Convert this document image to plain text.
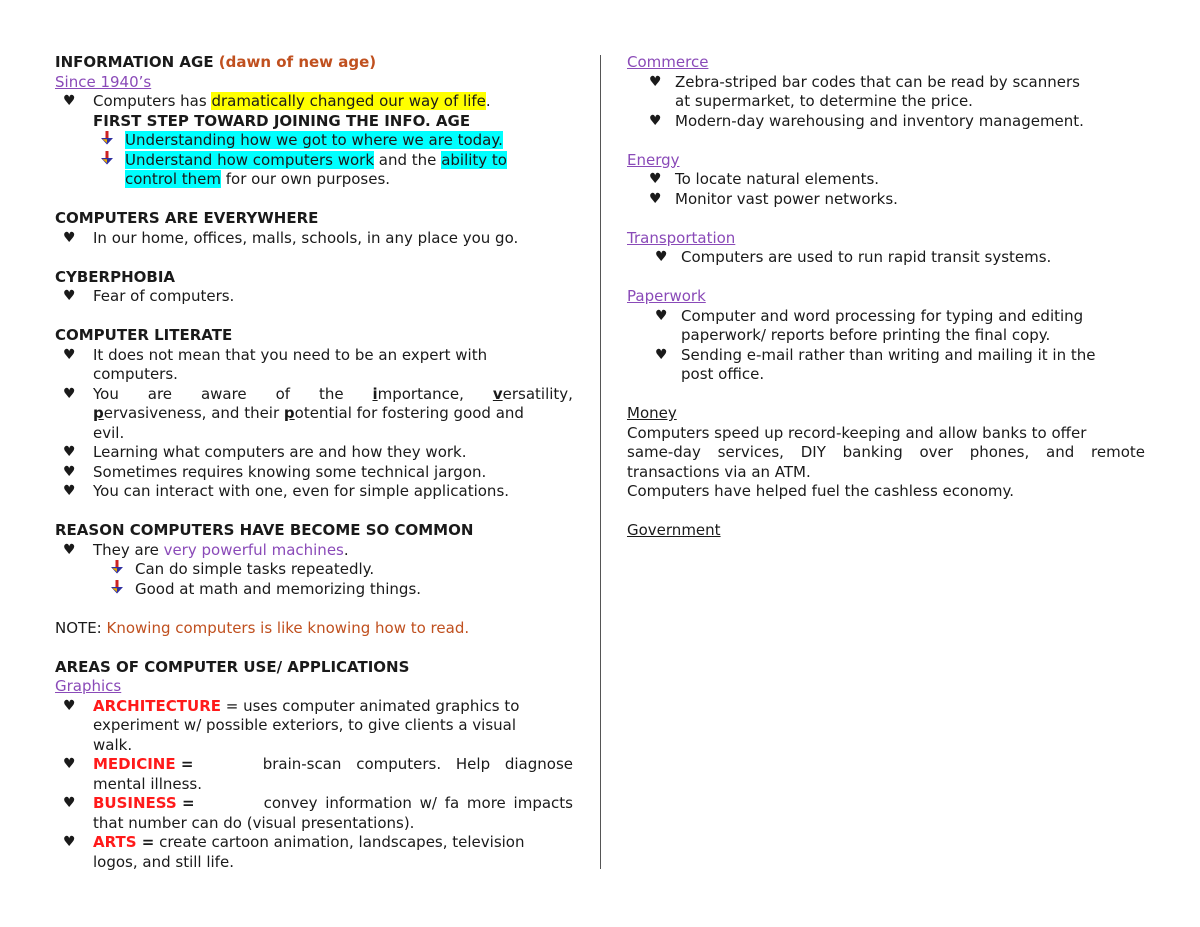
INFORMATION AGE (dawn of new age)
Since 1940’s
♥ Computers has dramatically changed our way of life.
FIRST STEP TOWARD JOINING THE INFO. AGE
Understanding how we got to where we are today.
Understand how computers work and the ability to
control them for our own purposes.
COMPUTERS ARE EVERYWHERE
♥ In our home, offices, malls, schools, in any place you go.
CYBERPHOBIA
♥ Fear of computers.
COMPUTER LITERATE
♥ It does not mean that you need to be an expert with
computers.
♥ You are aware of the importance, versatility,
pervasiveness, and their potential for fostering good and
evil.
♥ Learning what computers are and how they work.
♥ Sometimes requires knowing some technical jargon.
♥ You can interact with one, even for simple applications.
REASON COMPUTERS HAVE BECOME SO COMMON
♥ They are very powerful machines.
Can do simple tasks repeatedly.
Good at math and memorizing things.
NOTE: Knowing computers is like knowing how to read.
AREAS OF COMPUTER USE/ APPLICATIONS
Graphics
♥ ARCHITECTURE = uses computer animated graphics to
experiment w/ possible exteriors, to give clients a visual
walk.
♥ MEDICINE =	brain-scan computers. Help diagnose
mental illness.
♥ BUSINESS =	convey information w/ fa more impacts
that number can do (visual presentations).
♥ ARTS = create cartoon animation, landscapes, television
logos, and still life.
Commerce
♥ Zebra-striped bar codes that can be read by scanners
at supermarket, to determine the price.
♥ Modern-day warehousing and inventory management.
Energy
♥ To locate natural elements.
♥ Monitor vast power networks.
Transportation
♥ Computers are used to run rapid transit systems.
Paperwork
♥ Computer and word processing for typing and editing
paperwork/ reports before printing the final copy.
♥ Sending e-mail rather than writing and mailing it in the
post office.
Money
Computers speed up record-keeping and allow banks to offer
same-day services, DIY banking over phones, and remote
transactions via an ATM.
Computers have helped fuel the cashless economy.
Government
